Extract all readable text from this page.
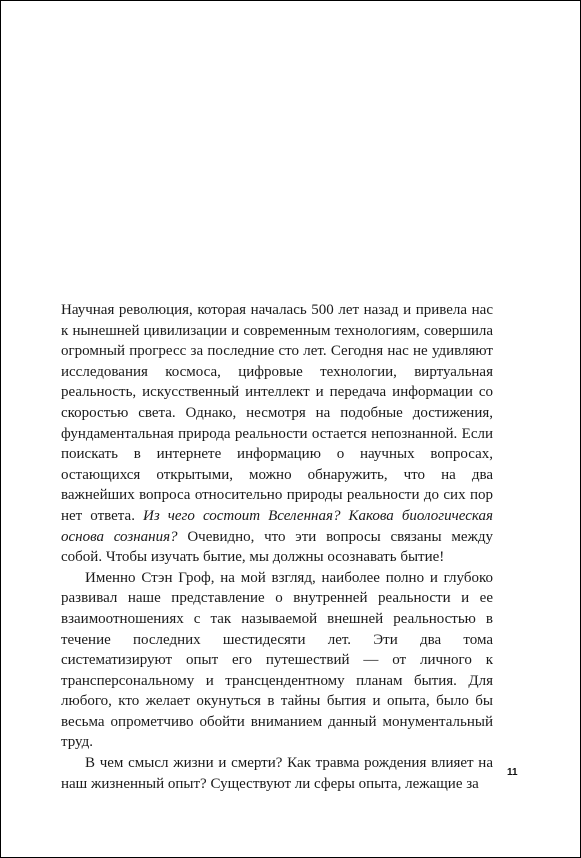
Научная революция, которая началась 500 лет назад и привела нас к нынешней цивилизации и современным технологиям, совершила огромный прогресс за последние сто лет. Сегодня нас не удивляют исследования космоса, цифровые технологии, виртуальная реальность, искусственный интеллект и передача информации со скоростью света. Однако, несмотря на подобные достижения, фундаментальная природа реальности остается непознанной. Если поискать в интернете информацию о научных вопросах, остающихся открытыми, можно обнаружить, что на два важнейших вопроса относительно природы реальности до сих пор нет ответа. Из чего состоит Вселенная? Какова биологическая основа сознания? Очевидно, что эти вопросы связаны между собой. Чтобы изучать бытие, мы должны осознавать бытие!

Именно Стэн Гроф, на мой взгляд, наиболее полно и глубоко развивал наше представление о внутренней реальности и ее взаимоотношениях с так называемой внешней реальностью в течение последних шестидесяти лет. Эти два тома систематизируют опыт его путешествий — от личного к трансперсональному и трансцендентному планам бытия. Для любого, кто желает окунуться в тайны бытия и опыта, было бы весьма опрометчиво обойти вниманием данный монументальный труд.

В чем смысл жизни и смерти? Как травма рождения влияет на наш жизненный опыт? Существуют ли сферы опыта, лежащие за

11
